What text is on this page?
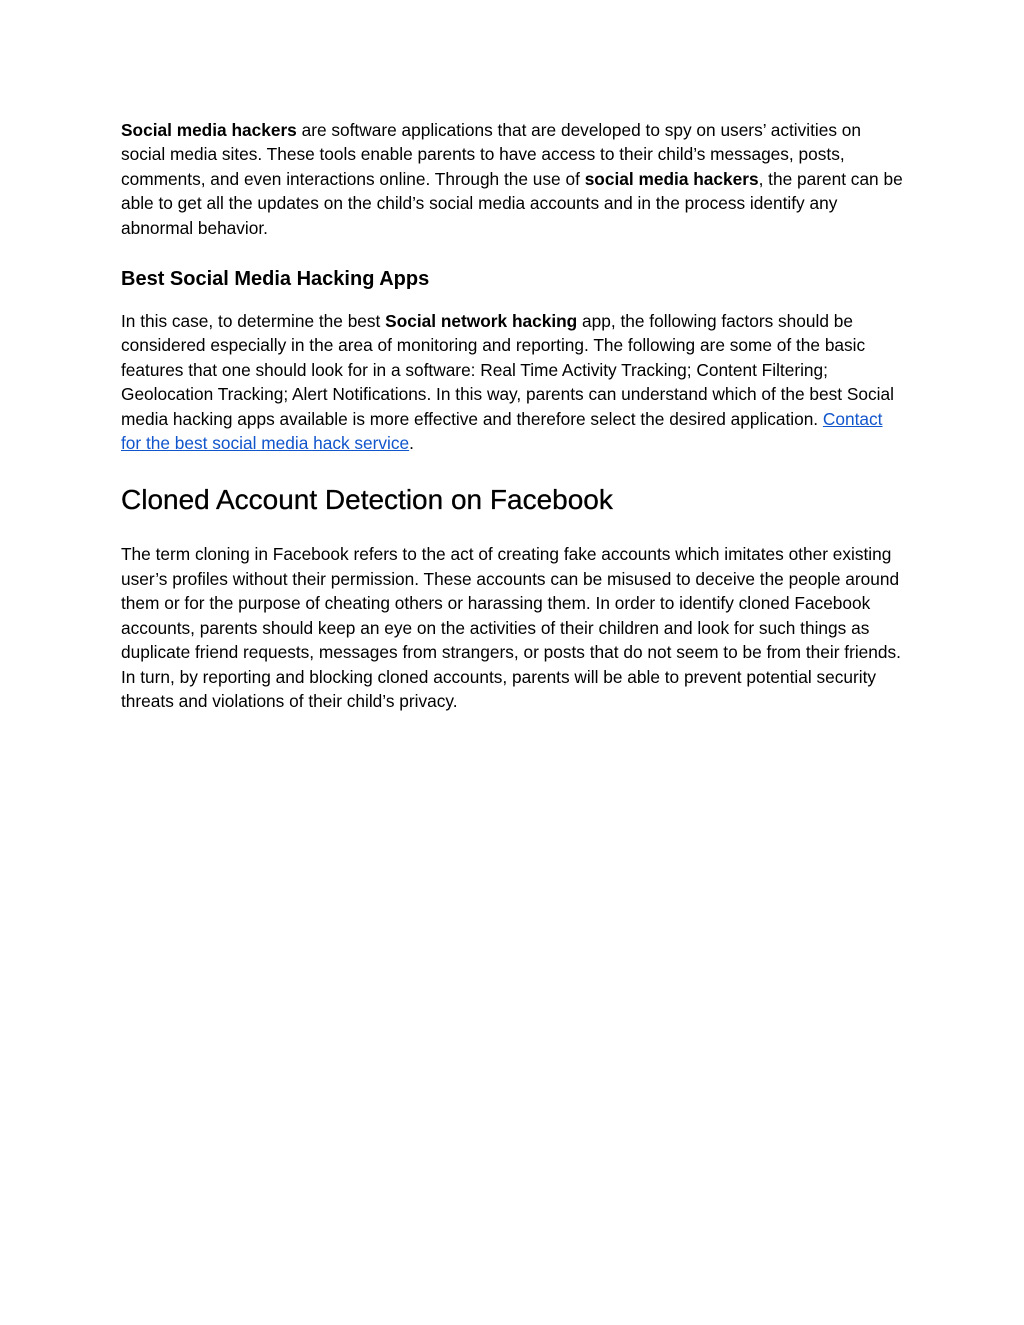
Social media hackers are software applications that are developed to spy on users’ activities on social media sites. These tools enable parents to have access to their child’s messages, posts, comments, and even interactions online. Through the use of social media hackers, the parent can be able to get all the updates on the child’s social media accounts and in the process identify any abnormal behavior.

Best Social Media Hacking Apps

In this case, to determine the best Social network hacking app, the following factors should be considered especially in the area of monitoring and reporting. The following are some of the basic features that one should look for in a software: Real Time Activity Tracking; Content Filtering; Geolocation Tracking; Alert Notifications. In this way, parents can understand which of the best Social media hacking apps available is more effective and therefore select the desired application. Contact for the best social media hack service.

Cloned Account Detection on Facebook

The term cloning in Facebook refers to the act of creating fake accounts which imitates other existing user’s profiles without their permission. These accounts can be misused to deceive the people around them or for the purpose of cheating others or harassing them. In order to identify cloned Facebook accounts, parents should keep an eye on the activities of their children and look for such things as duplicate friend requests, messages from strangers, or posts that do not seem to be from their friends. In turn, by reporting and blocking cloned accounts, parents will be able to prevent potential security threats and violations of their child’s privacy.
